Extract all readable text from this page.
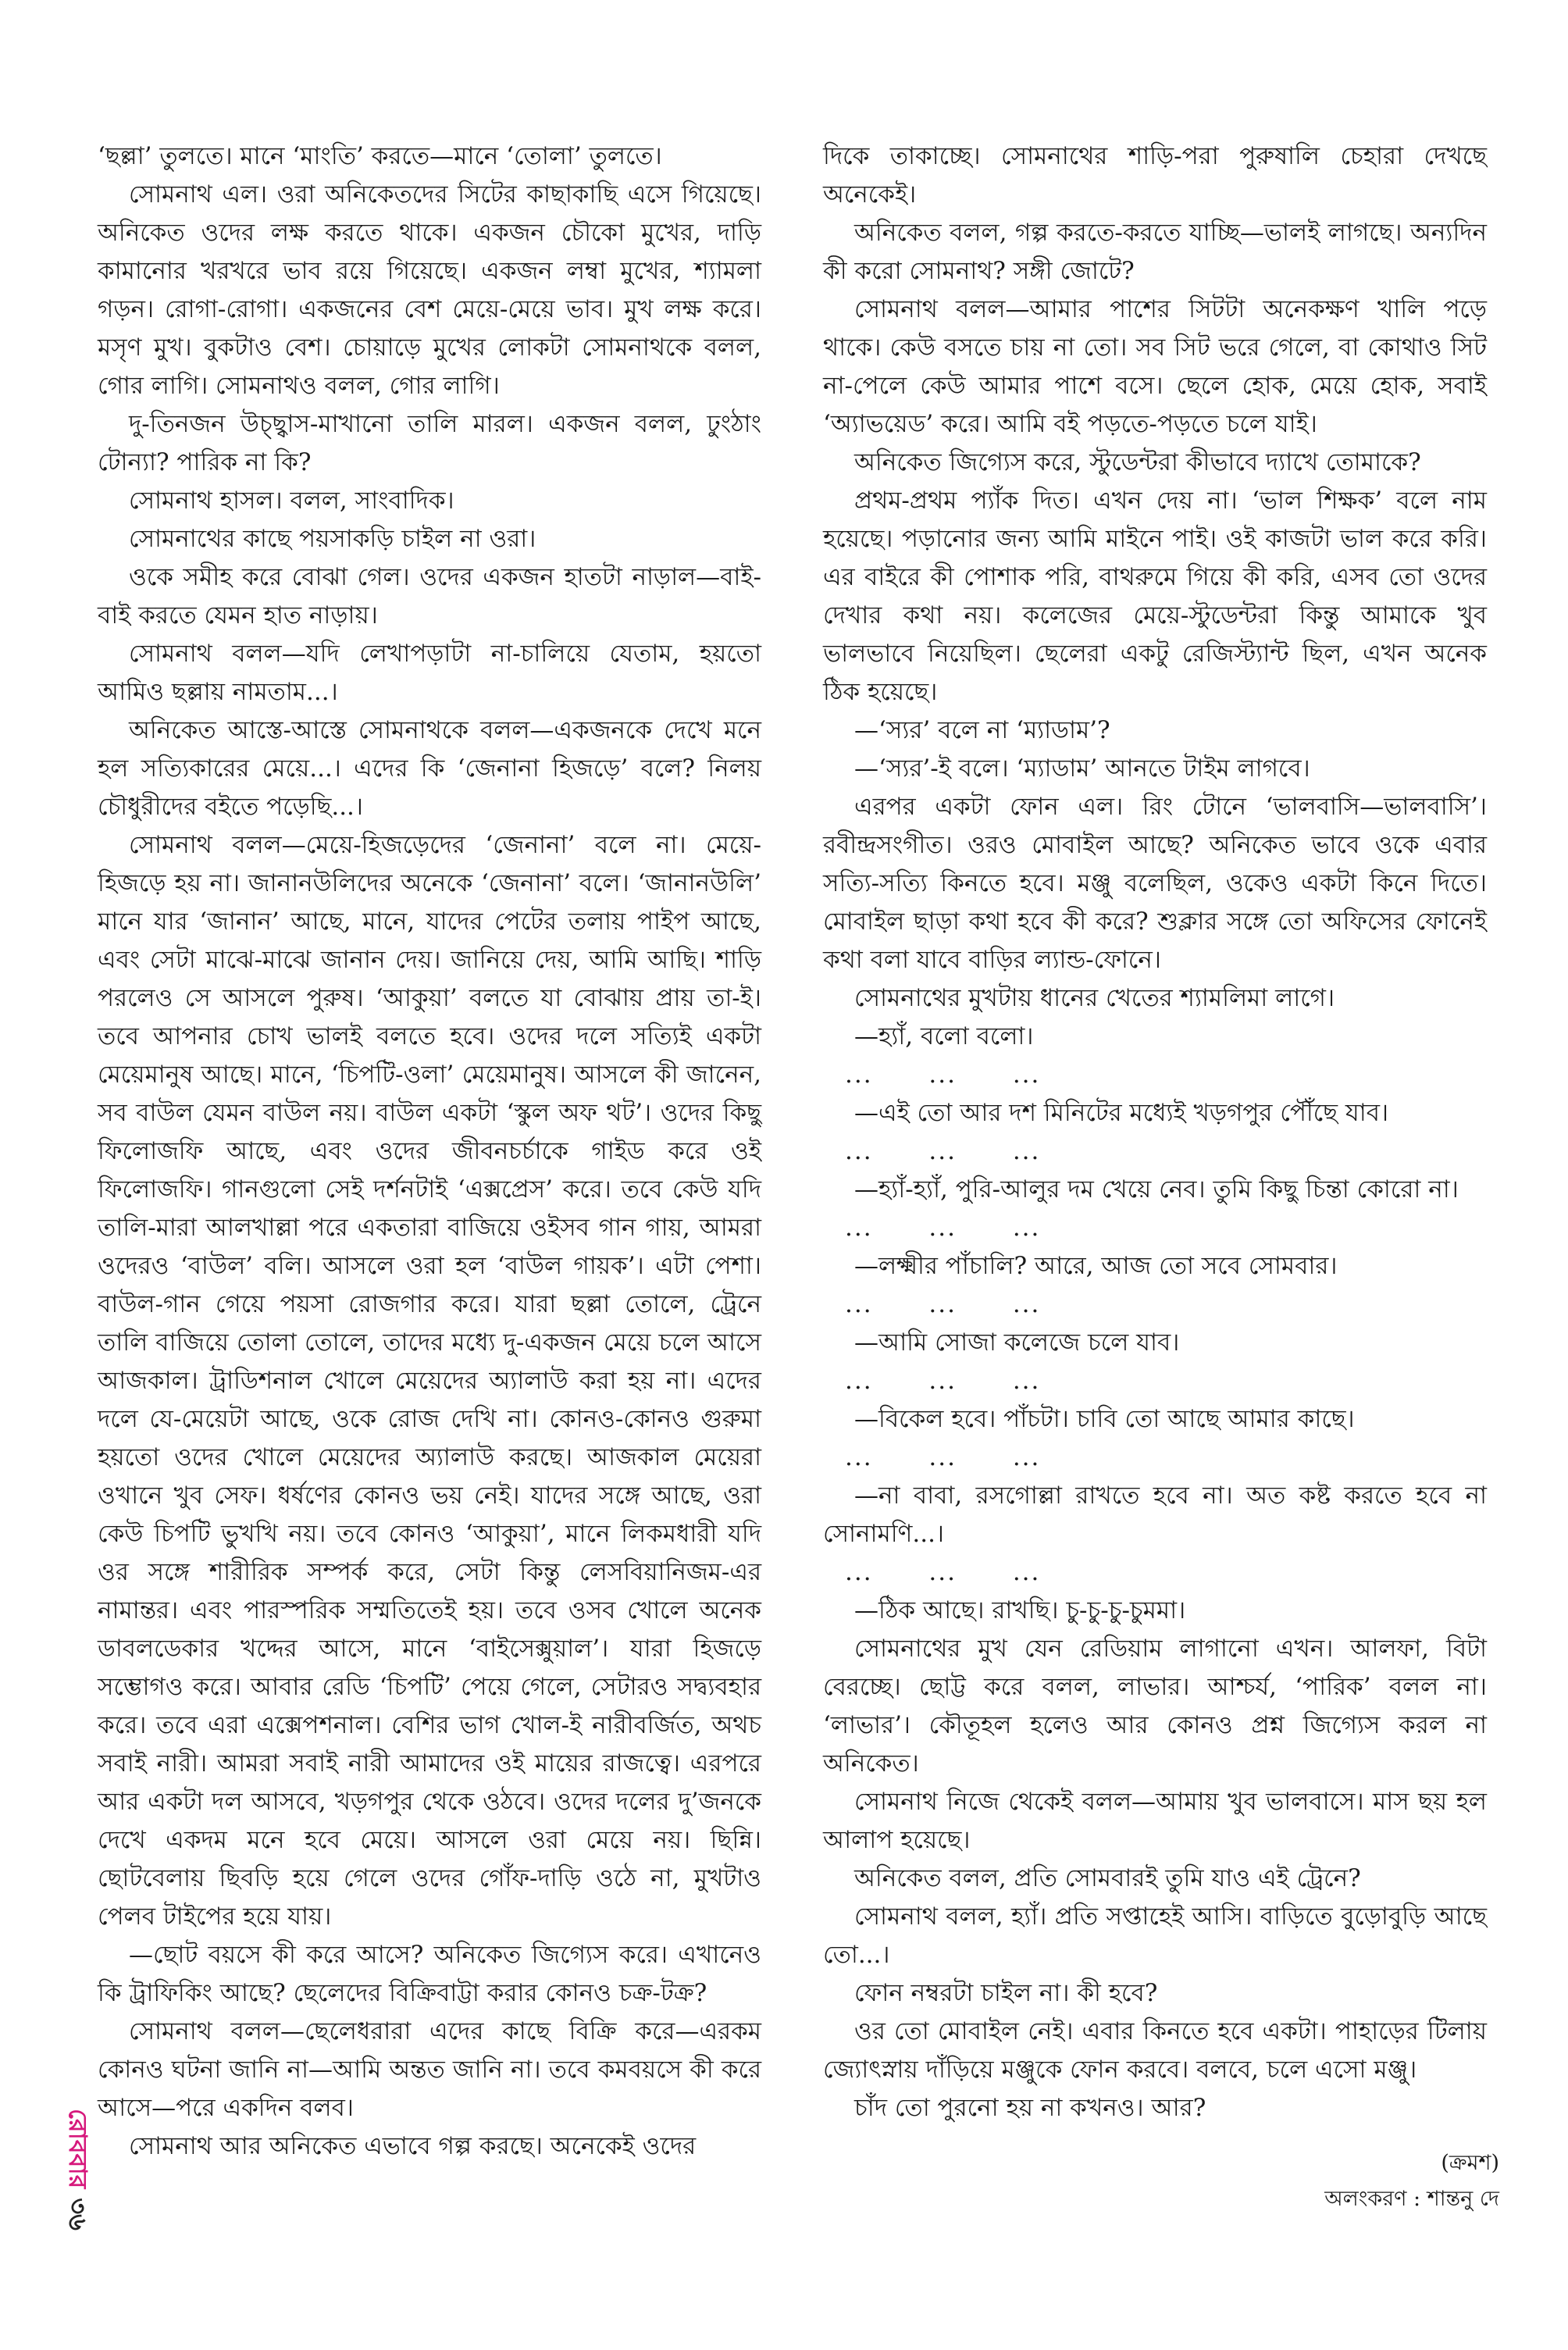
‘ছল্লা’ তুলতে। মানে ‘মাংতি’ করতে—মানে ‘তোলা’ তুলতে।

সোমনাথ এল। ওরা অনিকেতদের সিটের কাছাকাছি এসে গিয়েছে। অনিকেত ওদের লক্ষ করতে থাকে। একজন চৌকো মুখের, দাড়ি কামানোর খরখরে ভাব রয়ে গিয়েছে। একজন লম্বা মুখের, শ্যামলা গড়ন। রোগা-রোগা। একজনের বেশ মেয়ে-মেয়ে ভাব। মুখ লক্ষ করে। মসৃণ মুখ। বুকটাও বেশ। চোয়াড়ে মুখের লোকটা সোমনাথকে বলল, গোর লাগি। সোমনাথও বলল, গোর লাগি।

দু-তিনজন উচ্ছ্বাস-মাখানো তালি মারল। একজন বলল, ঢুংঠাং টোন্যা? পারিক না কি?

সোমনাথ হাসল। বলল, সাংবাদিক।

সোমনাথের কাছে পয়সাকড়ি চাইল না ওরা।

ওকে সমীহ করে বোঝা গেল। ওদের একজন হাতটা নাড়াল—বাই-বাই করতে যেমন হাত নাড়ায়।

সোমনাথ বলল—যদি লেখাপড়াটা না-চালিয়ে যেতাম, হয়তো আমিও ছল্লায় নামতাম...।

অনিকেত আস্তে-আস্তে সোমনাথকে বলল—একজনকে দেখে মনে হল সত্যিকারের মেয়ে...। এদের কি ‘জেনানা হিজড়ে’ বলে? নিলয় চৌধুরীদের বইতে পড়েছি...।

সোমনাথ বলল—মেয়ে-হিজড়েদের ‘জেনানা’ বলে না। মেয়ে-হিজড়ে হয় না। জানানউলিদের অনেকে ‘জেনানা’ বলে। ‘জানানউলি’ মানে যার ‘জানান’ আছে, মানে, যাদের পেটের তলায় পাইপ আছে, এবং সেটা মাঝে-মাঝে জানান দেয়। জানিয়ে দেয়, আমি আছি। শাড়ি পরলেও সে আসলে পুরুষ। ‘আকুয়া’ বলতে যা বোঝায় প্রায় তা-ই। তবে আপনার চোখ ভালই বলতে হবে। ওদের দলে সত্যিই একটা মেয়েমানুষ আছে। মানে, ‘চিপটি-ওলা’ মেয়েমানুষ। আসলে কী জানেন, সব বাউল যেমন বাউল নয়। বাউল একটা ‘স্কুল অফ থট’। ওদের কিছু ফিলোজফি আছে, এবং ওদের জীবনচর্চাকে গাইড করে ওই ফিলোজফি। গানগুলো সেই দর্শনটাই ‘এক্সপ্রেস’ করে। তবে কেউ যদি তালি-মারা আলখাল্লা পরে একতারা বাজিয়ে ওইসব গান গায়, আমরা ওদেরও ‘বাউল’ বলি। আসলে ওরা হল ‘বাউল গায়ক’। এটা পেশা। বাউল-গান গেয়ে পয়সা রোজগার করে। যারা ছল্লা তোলে, ট্রেনে তালি বাজিয়ে তোলা তোলে, তাদের মধ্যে দু-একজন মেয়ে চলে আসে আজকাল। ট্রাডিশনাল খোলে মেয়েদের অ্যালাউ করা হয় না। এদের দলে যে-মেয়েটা আছে, ওকে রোজ দেখি না। কোনও-কোনও গুরুমা হয়তো ওদের খোলে মেয়েদের অ্যালাউ করছে। আজকাল মেয়েরা ওখানে খুব সেফ। ধর্ষণের কোনও ভয় নেই। যাদের সঙ্গে আছে, ওরা কেউ চিপটি ভুখখি নয়। তবে কোনও ‘আকুয়া’, মানে লিকমধারী যদি ওর সঙ্গে শারীরিক সম্পর্ক করে, সেটা কিন্তু লেসবিয়ানিজম-এর নামান্তর। এবং পারস্পরিক সম্মতিতেই হয়। তবে ওসব খোলে অনেক ডাবলডেকার খদ্দের আসে, মানে ‘বাইসেক্সুয়াল’। যারা হিজড়ে সম্ভোগও করে। আবার রেডি ‘চিপটি’ পেয়ে গেলে, সেটারও সদ্ব্যবহার করে। তবে এরা এক্সেপশনাল। বেশির ভাগ খোল-ই নারীবর্জিত, অথচ সবাই নারী। আমরা সবাই নারী আমাদের ওই মায়ের রাজত্বে। এরপরে আর একটা দল আসবে, খড়গপুর থেকে ওঠবে। ওদের দলের দু’জনকে দেখে একদম মনে হবে মেয়ে। আসলে ওরা মেয়ে নয়। ছিন্নি। ছোটবেলায় ছিবড়ি হয়ে গেলে ওদের গোঁফ-দাড়ি ওঠে না, মুখটাও পেলব টাইপের হয়ে যায়।

—ছোট বয়সে কী করে আসে? অনিকেত জিগ্যেস করে। এখানেও কি ট্রাফিকিং আছে? ছেলেদের বিক্রিবাট্টা করার কোনও চক্র-টক্র?

সোমনাথ বলল—ছেলেধরারা এদের কাছে বিক্রি করে—এরকম কোনও ঘটনা জানি না—আমি অন্তত জানি না। তবে কমবয়সে কী করে আসে—পরে একদিন বলব।

সোমনাথ আর অনিকেত এভাবে গল্প করছে। অনেকেই ওদের

দিকে তাকাচ্ছে। সোমনাথের শাড়ি-পরা পুরুষালি চেহারা দেখছে অনেকেই।

অনিকেত বলল, গল্প করতে-করতে যাচ্ছি—ভালই লাগছে। অন্যদিন কী করো সোমনাথ? সঙ্গী জোটে?

সোমনাথ বলল—আমার পাশের সিটটা অনেকক্ষণ খালি পড়ে থাকে। কেউ বসতে চায় না তো। সব সিট ভরে গেলে, বা কোথাও সিট না-পেলে কেউ আমার পাশে বসে। ছেলে হোক, মেয়ে হোক, সবাই ‘অ্যাভয়েড’ করে। আমি বই পড়তে-পড়তে চলে যাই।

অনিকেত জিগ্যেস করে, স্টুডেন্টরা কীভাবে দ্যাখে তোমাকে?

প্রথম-প্রথম প্যাঁক দিত। এখন দেয় না। ‘ভাল শিক্ষক’ বলে নাম হয়েছে। পড়ানোর জন্য আমি মাইনে পাই। ওই কাজটা ভাল করে করি। এর বাইরে কী পোশাক পরি, বাথরুমে গিয়ে কী করি, এসব তো ওদের দেখার কথা নয়। কলেজের মেয়ে-স্টুডেন্টরা কিন্তু আমাকে খুব ভালভাবে নিয়েছিল। ছেলেরা একটু রেজিস্ট্যান্ট ছিল, এখন অনেক ঠিক হয়েছে।

—‘স্যর’ বলে না ‘ম্যাডাম’?

—‘স্যর’-ই বলে। ‘ম্যাডাম’ আনতে টাইম লাগবে।

এরপর একটা ফোন এল। রিং টোনে ‘ভালবাসি—ভালবাসি’। রবীন্দ্রসংগীত। ওরও মোবাইল আছে? অনিকেত ভাবে ওকে এবার সত্যি-সত্যি কিনতে হবে। মঞ্জু বলেছিল, ওকেও একটা কিনে দিতে। মোবাইল ছাড়া কথা হবে কী করে? শুক্লার সঙ্গে তো অফিসের ফোনেই কথা বলা যাবে বাড়ির ল্যান্ড-ফোনে।

সোমনাথের মুখটায় ধানের খেতের শ্যামলিমা লাগে।

—হ্যাঁ, বলো বলো।

... ... ...

—এই তো আর দশ মিনিটের মধ্যেই খড়গপুর পৌঁছে যাব।

... ... ...

—হ্যাঁ-হ্যাঁ, পুরি-আলুর দম খেয়ে নেব। তুমি কিছু চিন্তা কোরো না।

... ... ...

—লক্ষ্মীর পাঁচালি? আরে, আজ তো সবে সোমবার।

... ... ...

—আমি সোজা কলেজে চলে যাব।

... ... ...

—বিকেল হবে। পাঁচটা। চাবি তো আছে আমার কাছে।

... ... ...

—না বাবা, রসগোল্লা রাখতে হবে না। অত কষ্ট করতে হবে না সোনামণি...।

... ... ...

—ঠিক আছে। রাখছি। চু-চু-চু-চুমমা।

সোমনাথের মুখ যেন রেডিয়াম লাগানো এখন। আলফা, বিটা বেরচ্ছে। ছোট্ট করে বলল, লাভার। আশ্চর্য, ‘পারিক’ বলল না। ‘লাভার’। কৌতূহল হলেও আর কোনও প্রশ্ন জিগ্যেস করল না অনিকেত।

সোমনাথ নিজে থেকেই বলল—আমায় খুব ভালবাসে। মাস ছয় হল আলাপ হয়েছে।

অনিকেত বলল, প্রতি সোমবারই তুমি যাও এই ট্রেনে?

সোমনাথ বলল, হ্যাঁ। প্রতি সপ্তাহেই আসি। বাড়িতে বুড়োবুড়ি আছে তো...।

ফোন নম্বরটা চাইল না। কী হবে?

ওর তো মোবাইল নেই। এবার কিনতে হবে একটা। পাহাড়ের টিলায় জ্যোৎস্নায় দাঁড়িয়ে মঞ্জুকে ফোন করবে। বলবে, চলে এসো মঞ্জু।

চাঁদ তো পুরনো হয় না কখনও। আর?

(ক্রমশ)
অলংকরণ : শান্তনু দে
রোববার
৩৬
